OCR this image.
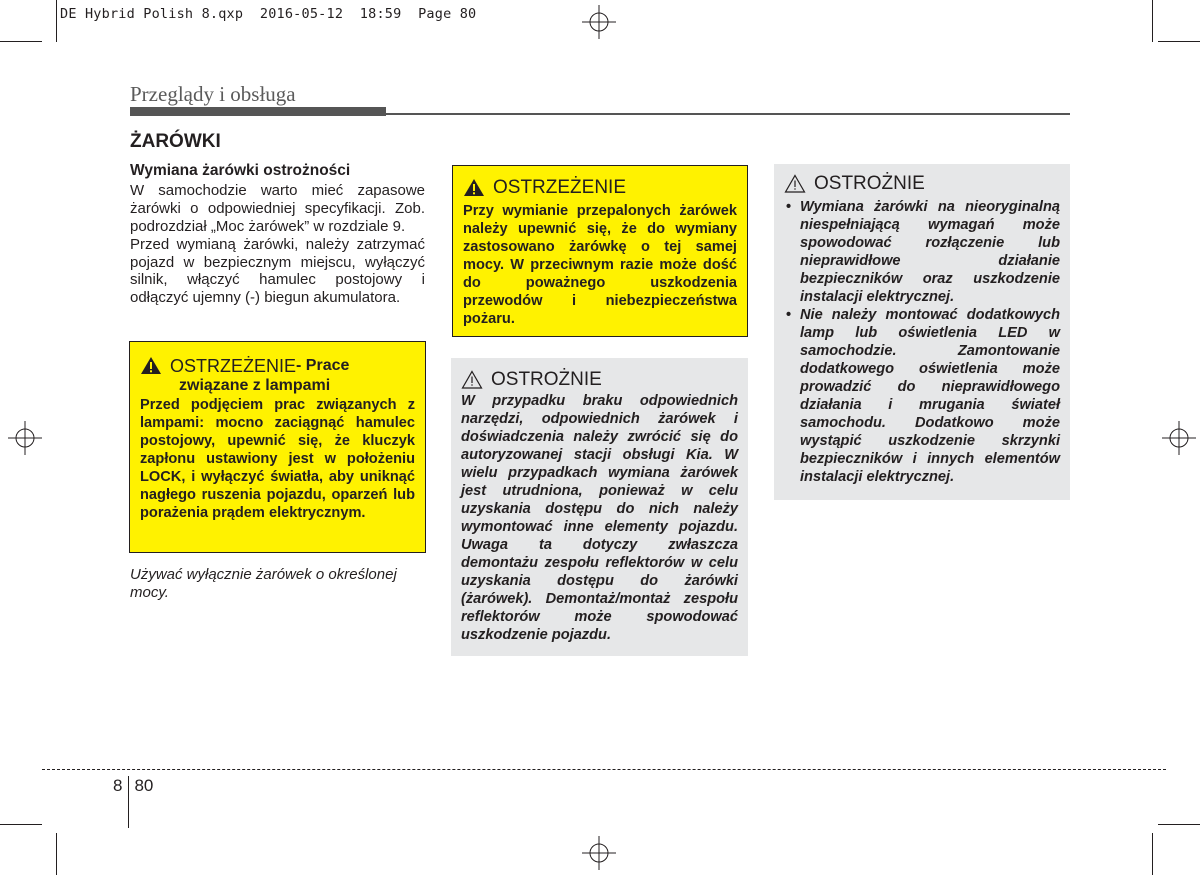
DE Hybrid Polish 8.qxp  2016-05-12  18:59  Page 80
Przeglądy i obsługa
ŻARÓWKI
Wymiana żarówki ostrożności

W samochodzie warto mieć zapasowe żarówki o odpowiedniej specyfikacji. Zob. podrozdział „Moc żarówek” w rozdziale 9.

Przed wymianą żarówki, należy zatrzymać pojazd w bezpiecznym miejscu, wyłączyć silnik, włączyć hamulec postojowy i odłączyć ujemny (-) biegun akumulatora.

OSTRZEŻENIE - Prace
związane z lampami
Przed podjęciem prac związanych z lampami: mocno zaciągnąć hamulec postojowy, upewnić się, że kluczyk zapłonu ustawiony jest w położeniu LOCK, i wyłączyć światła, aby uniknąć nagłego ruszenia pojazdu, oparzeń lub porażenia prądem elektrycznym.
Używać wyłącznie żarówek o określonej mocy.
OSTRZEŻENIE
Przy wymianie przepalonych żarówek należy upewnić się, że do wymiany zastosowano żarówkę o tej samej mocy. W przeciwnym razie może dość do poważnego uszkodzenia przewodów i niebezpieczeństwa pożaru.
OSTROŻNIE
W przypadku braku odpowiednich narzędzi, odpowiednich żarówek i doświadczenia należy zwrócić się do autoryzowanej stacji obsługi Kia. W wielu przypadkach wymiana żarówek jest utrudniona, ponieważ w celu uzyskania dostępu do nich należy wymontować inne elementy pojazdu. Uwaga ta dotyczy zwłaszcza demontażu zespołu reflektorów w celu uzyskania dostępu do żarówki (żarówek). Demontaż/montaż zespołu reflektorów może spowodować uszkodzenie pojazdu.
OSTROŻNIE
• Wymiana żarówki na nieoryginalną niespełniającą wymagań może spowodować rozłączenie lub nieprawidłowe działanie bezpieczników oraz uszkodzenie instalacji elektrycznej.
• Nie należy montować dodatkowych lamp lub oświetlenia LED w samochodzie. Zamontowanie dodatkowego oświetlenia może prowadzić do nieprawidłowego działania i mrugania świateł samochodu. Dodatkowo może wystąpić uszkodzenie skrzynki bezpieczników i innych elementów instalacji elektrycznej.
8 80
